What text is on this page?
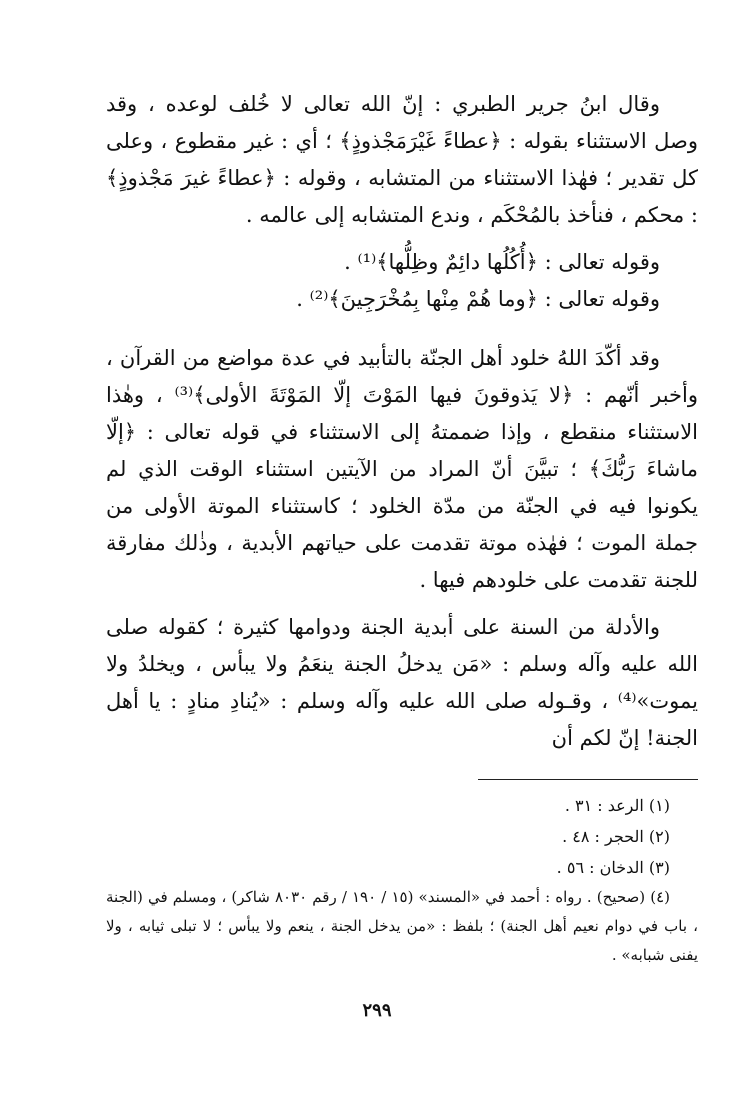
وقال ابنُ جرير الطبري : إنّ الله تعالى لا خُلف لوعده ، وقد وصل الاستثناء بقوله : ﴿عطاءً غَيْرَمَجْذوذٍ﴾ ؛ أي : غير مقطوع ، وعلى كل تقدير ؛ فهٰذا الاستثناء من المتشابه ، وقوله : ﴿عطاءً غيرَ مَجْذوذٍ﴾ : محكم ، فنأخذ بالمُحْكَم ، وندع المتشابه إلى عالمه .

وقوله تعالى : ﴿أُكُلُها دائِمٌ وظِلُّها﴾⁽¹⁾ .

وقوله تعالى : ﴿وما هُمْ مِنْها بِمُخْرَجِينَ﴾⁽²⁾ .

وقد أكّدَ اللهُ خلود أهل الجنّة بالتأبيد في عدة مواضع من القرآن ، وأخبر أنّهم : ﴿لا يَذوقونَ فيها المَوْتَ إلّا المَوْتَةَ الأولى﴾⁽³⁾ ، وهٰذا الاستثناء منقطع ، وإذا ضممتهُ إلى الاستثناء في قوله تعالى : ﴿إلّا ماشاءَ رَبُّكَ﴾ ؛ تبيَّنَ أنّ المراد من الآيتين استثناء الوقت الذي لم يكونوا فيه في الجنّة من مدّة الخلود ؛ كاستثناء الموتة الأولى من جملة الموت ؛ فهٰذه موتة تقدمت على حياتهم الأبدية ، وذٰلك مفارقة للجنة تقدمت على خلودهم فيها .

والأدلة من السنة على أبدية الجنة ودوامها كثيرة ؛ كقوله صلى الله عليه وآله وسلم : «مَن يدخلُ الجنة ينعَمُ ولا يبأس ، ويخلدُ ولا يموت»⁽⁴⁾ ، وقـوله صلى الله عليه وآله وسلم : «يُنادِ منادٍ : يا أهل الجنة! إنّ لكم أن

(١) الرعد : ٣١ .

(٢) الحجر : ٤٨ .

(٣) الدخان : ٥٦ .

(٤) (صحيح) . رواه : أحمد في «المسند» (١٥ / ١٩٠ / رقم ٨٠٣٠ شاكر) ، ومسلم في (الجنة ، باب في دوام نعيم أهل الجنة) ؛ بلفظ : «من يدخل الجنة ، ينعم ولا يبأس ؛ لا تبلى ثيابه ، ولا يفنى شبابه» .

٢٩٩
